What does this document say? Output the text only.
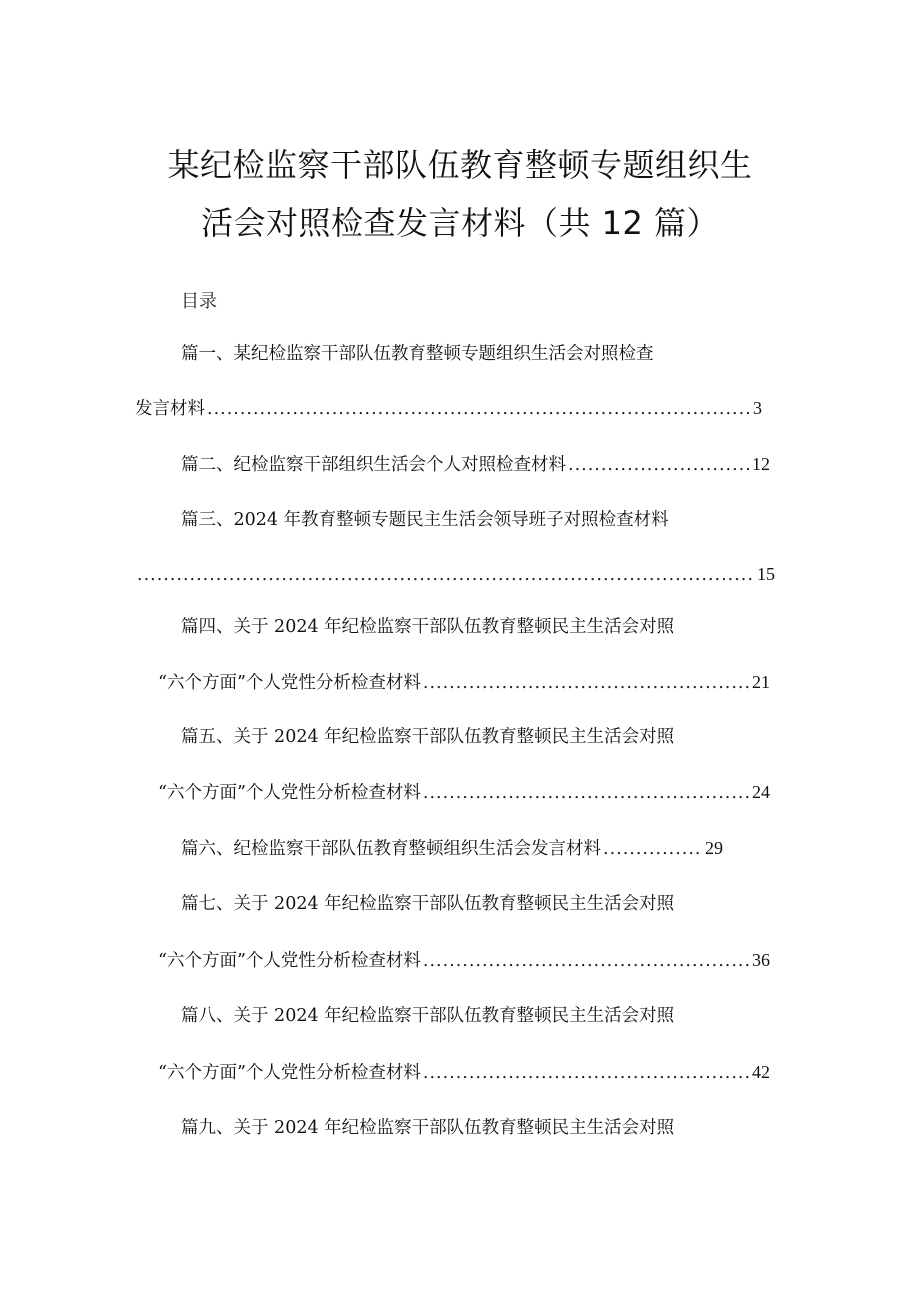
某纪检监察干部队伍教育整顿专题组织生
活会对照检查发言材料（共 12 篇）
目录
篇一、某纪检监察干部队伍教育整顿专题组织生活会对照检查
发言材料 .....	3
篇二、纪检监察干部组织生活会个人对照检查材料 .....	12
篇三、2024 年教育整顿专题民主生活会领导班子对照检查材料
.....
15
篇四、关于 2024 年纪检监察干部队伍教育整顿民主生活会对照
“六个方面”个人党性分析检查材料 .....	21
篇五、关于 2024 年纪检监察干部队伍教育整顿民主生活会对照
“六个方面”个人党性分析检查材料 .....	24
篇六、纪检监察干部队伍教育整顿组织生活会发言材料 .....	29
篇七、关于 2024 年纪检监察干部队伍教育整顿民主生活会对照
“六个方面”个人党性分析检查材料 .....	36
篇八、关于 2024 年纪检监察干部队伍教育整顿民主生活会对照
“六个方面”个人党性分析检查材料 .....	42
篇九、关于 2024 年纪检监察干部队伍教育整顿民主生活会对照
